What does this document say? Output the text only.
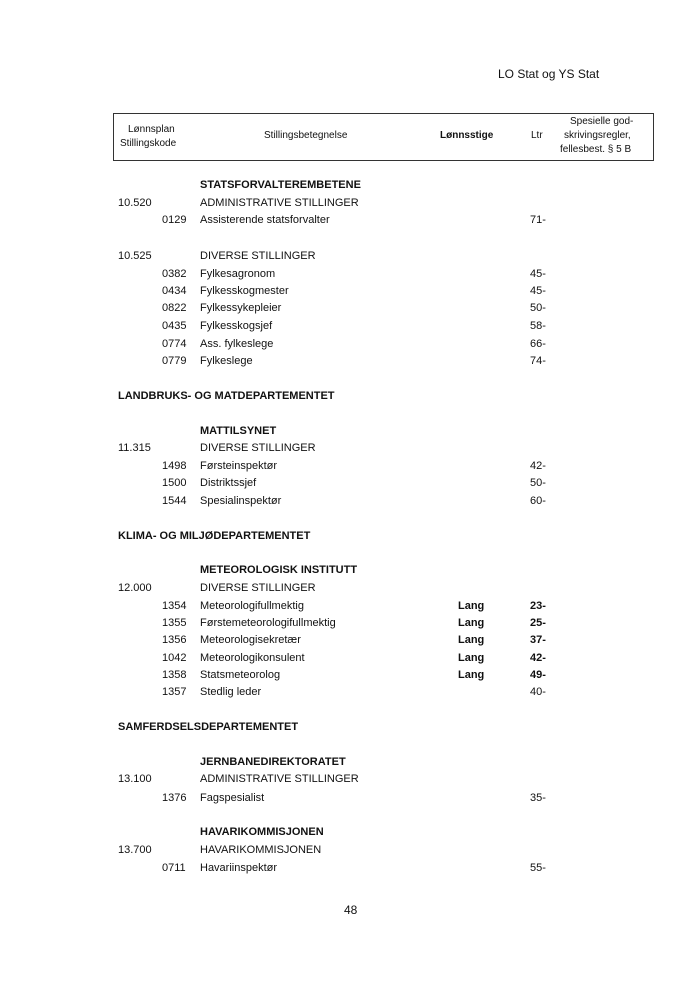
LO Stat og YS Stat
Lønnsplan
Stillingskode
Stillingsbetegnelse	Lønnsstige	Ltr
Spesielle god-
skrivingsregler,
fellesbest. § 5 B
STATSFORVALTEREMBETENE
10.520	ADMINISTRATIVE STILLINGER
0129 Assisterende statsforvalter	71-
10.525	DIVERSE STILLINGER
0382 Fylkesagronom	45-
0434 Fylkesskogmester	45-
0822 Fylkessykepleier	50-
0435 Fylkesskogsjef	58-
0774 Ass. fylkeslege	66-
0779 Fylkeslege	74-
LANDBRUKS- OG MATDEPARTEMENTET
MATTILSYNET
11.315	DIVERSE STILLINGER
1498 Førsteinspektør	42-
1500 Distriktssjef	50-
1544 Spesialinspektør	60-
KLIMA- OG MILJØDEPARTEMENTET
METEOROLOGISK INSTITUTT
12.000	DIVERSE STILLINGER
1354 Meteorologifullmektig	Lang	23-
1355 Førstemeteorologifullmektig	Lang	25-
1356 Meteorologisekretær	Lang	37-
1042 Meteorologikonsulent	Lang	42-
1358 Statsmeteorolog	Lang	49-
1357 Stedlig leder	40-
SAMFERDSELSDEPARTEMENTET
JERNBANEDIREKTORATET
13.100	ADMINISTRATIVE STILLINGER
1376 Fagspesialist	35-
HAVARIKOMMISJONEN
13.700	HAVARIKOMMISJONEN
0711 Havariinspektør	55-
48
